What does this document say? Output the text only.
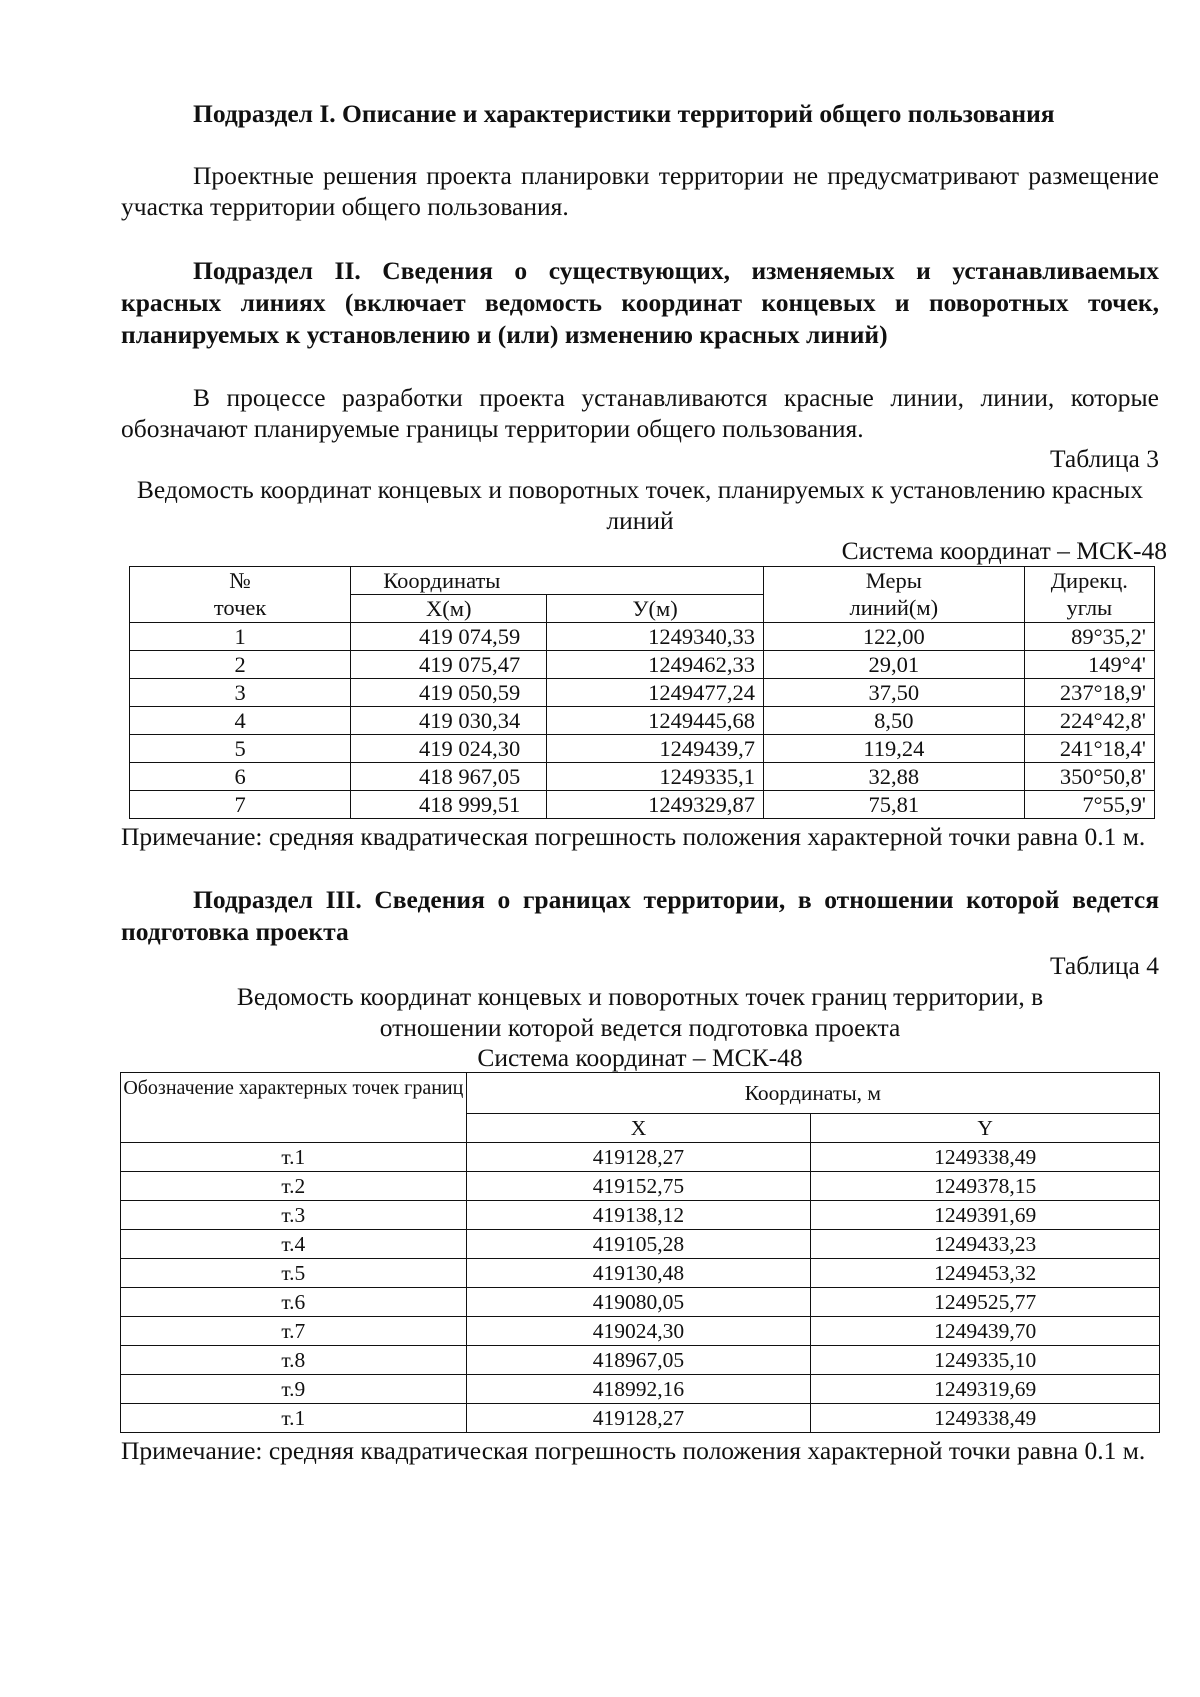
Подраздел I. Описание и характеристики территорий общего пользования

Проектные решения проекта планировки территории не предусматривают размещение участка территории общего пользования.

Подраздел II. Сведения о существующих, изменяемых и устанавливаемых красных линиях (включает ведомость координат концевых и поворотных точек, планируемых к установлению и (или) изменению красных линий)

В процессе разработки проекта устанавливаются красные линии, линии, которые обозначают планируемые границы территории общего пользования.

Таблица 3

Ведомость координат концевых и поворотных точек, планируемых к установлению красных линий

Система координат – МСК-48

№	Координаты		Меры	Дирекц.
точек	Х(м)	У(м)	линий(м)	углы
1	419 074,59	1249340,33	122,00	89°35,2'
2	419 075,47	1249462,33	29,01	149°4'
3	419 050,59	1249477,24	37,50	237°18,9'
4	419 030,34	1249445,68	8,50	224°42,8'
5	419 024,30	1249439,7	119,24	241°18,4'
6	418 967,05	1249335,1	32,88	350°50,8'
7	418 999,51	1249329,87	75,81	7°55,9'

Примечание: средняя квадратическая погрешность положения характерной точки равна 0.1 м.

Подраздел III. Сведения о границах территории, в отношении которой ведется подготовка проекта

Таблица 4

Ведомость координат концевых и поворотных точек границ территории, в отношении которой ведется подготовка проекта

Система координат – МСК-48

Обозначение характерных точек границ	Координаты, м	
	X	Y
т.1	419128,27	1249338,49
т.2	419152,75	1249378,15
т.3	419138,12	1249391,69
т.4	419105,28	1249433,23
т.5	419130,48	1249453,32
т.6	419080,05	1249525,77
т.7	419024,30	1249439,70
т.8	418967,05	1249335,10
т.9	418992,16	1249319,69
т.1	419128,27	1249338,49

Примечание: средняя квадратическая погрешность положения характерной точки равна 0.1 м.
